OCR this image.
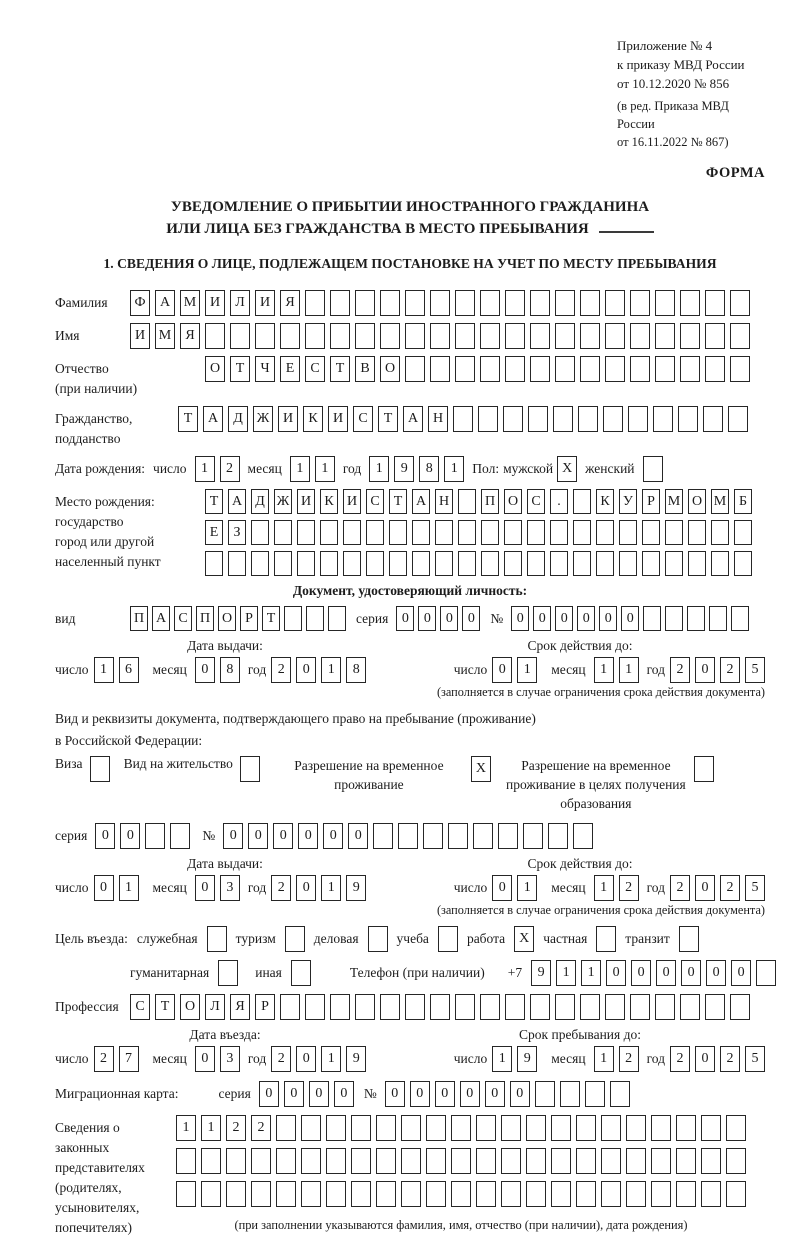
Приложение № 4
к приказу МВД России
от 10.12.2020 № 856
(в ред. Приказа МВД России
от 16.11.2022 № 867)
ФОРМА
УВЕДОМЛЕНИЕ О ПРИБЫТИИ ИНОСТРАННОГО ГРАЖДАНИНА
ИЛИ ЛИЦА БЕЗ ГРАЖДАНСТВА В МЕСТО ПРЕБЫВАНИЯ
1. СВЕДЕНИЯ О ЛИЦЕ, ПОДЛЕЖАЩЕМ ПОСТАНОВКЕ НА УЧЕТ ПО МЕСТУ ПРЕБЫВАНИЯ
Фамилия	Ф	А М И	Л	И	Я
Имя	И М	Я
Отчество
(при наличии)
О	Т	Ч	Е	С	Т	В	О
Гражданство,
подданство
Т	А	Д Ж И	К	И	С	Т	А	Н
Дата рождения: число	1	2	месяц	1	1	год	1	9	8	1	Пол: мужской X женский
Место рождения:
государство
город или другой
населенный пункт
Т А Д Ж И К И С	Т А Н	П О С	.	К У	Р М О М Б
Е	З
Документ, удостоверяющий личность:
вид	П А С П О Р Т	серия 0	0	0	0	№ 0	0	0	0	0	0
Дата выдачи:
число 1	6	месяц	0	8	год 2	0	1	8
Срок действия до:
число 0	1	месяц	1	1	год 2	0	2	5
(заполняется в случае ограничения срока действия документа)
Вид и реквизиты документа, подтверждающего право на пребывание (проживание)
в Российской Федерации:
Виза	Вид на жительство	Разрешение на временное проживание
X	Разрешение на временное проживание в целях получения образования
серия	0	0	№	0	0	0	0	0	0
Дата выдачи:
число 0	1	месяц	0	3	год 2	0	1	9
Срок действия до:
число 0	1	месяц	1	2	год 2	0	2	5
(заполняется в случае ограничения срока действия документа)
Цель въезда: служебная	туризм	деловая	учеба	работа X	частная	транзит
гуманитарная	иная	Телефон (при наличии) +7	9	1	1	0	0	0	0	0	0
Профессия	С	Т	О	Л	Я	Р
Дата въезда:
число 2	7	месяц	0	3	год 2	0	1	9
Срок пребывания до:
число 1	9	месяц	1	2	год 2	0	2	5
Миграционная карта:	серия	0	0	0	0	№	0	0	0	0	0	0
Сведения о
законных
представителях
(родителях,
усыновителях,
попечителях)
1	1	2	2
(при заполнении указываются фамилия, имя, отчество (при наличии), дата рождения)
